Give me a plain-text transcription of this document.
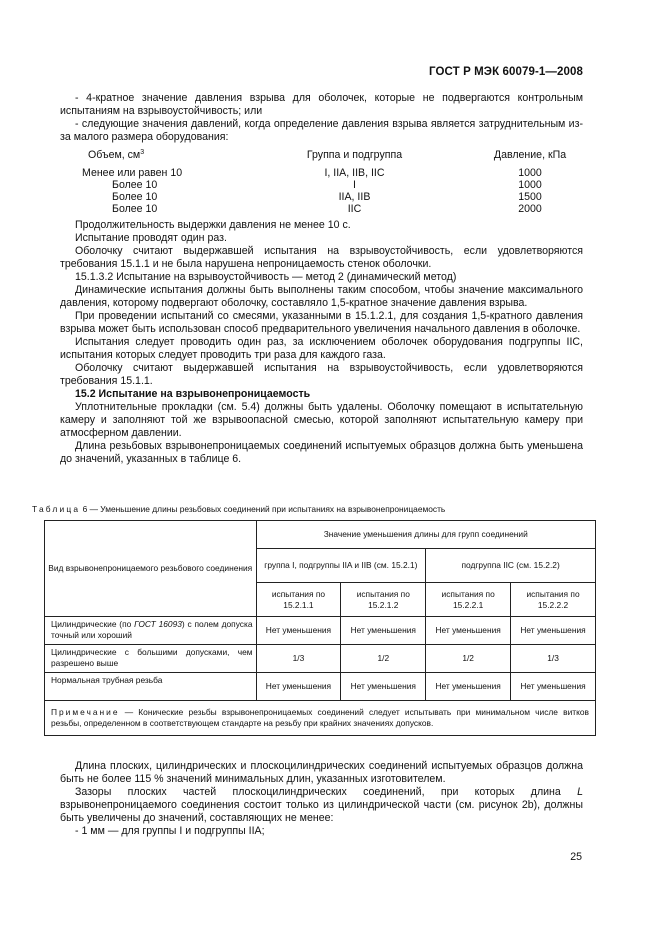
ГОСТ Р МЭК 60079-1—2008

- 4-кратное значение давления взрыва для оболочек, которые не подвергаются контрольным испытаниям на взрывоустойчивость; или

- следующие значения давлений, когда определение давления взрыва является затруднительным из-за малого размера оборудования:

Объем, $см^3$	Группа и подгруппа	Давление, кПа
Менее или равен 10	I, IIA, IIB, IIC	1000
Более 10	I	1000
Более 10	IIA, IIB	1500
Более 10	IIC	2000

Продолжительность выдержки давления не менее 10 с.

Испытание проводят один раз.

Оболочку считают выдержавшей испытания на взрывоустойчивость, если удовлетворяются требования 15.1.1 и не была нарушена непроницаемость стенок оболочки.

15.1.3.2 Испытание на взрывоустойчивость — метод 2 (динамический метод)

Динамические испытания должны быть выполнены таким способом, чтобы значение максимального давления, которому подвергают оболочку, составляло 1,5-кратное значение давления взрыва.

При проведении испытаний со смесями, указанными в 15.1.2.1, для создания 1,5-кратного давления взрыва может быть использован способ предварительного увеличения начального давления в оболочке.

Испытания следует проводить один раз, за исключением оболочек оборудования подгруппы IIC, испытания которых следует проводить три раза для каждого газа.

Оболочку считают выдержавшей испытания на взрывоустойчивость, если удовлетворяются требования 15.1.1.

15.2 Испытание на взрывонепроницаемость

Уплотнительные прокладки (см. 5.4) должны быть удалены. Оболочку помещают в испытательную камеру и заполняют той же взрывоопасной смесью, которой заполняют испытательную камеру при атмосферном давлении.

Длина резьбовых взрывонепроницаемых соединений испытуемых образцов должна быть уменьшена до значений, указанных в таблице 6.

Таблица 6 — Уменьшение длины резьбовых соединений при испытаниях на взрывонепроницаемость
Вид взрывонепроницаемого резьбового соединения	Значение уменьшения длины для групп соединений			
	группа I, подгруппы IIA и IIB (см. 15.2.1)		подгруппа IIC (см. 15.2.2)	
	испытания по 15.2.1.1	испытания по 15.2.1.2	испытания по 15.2.2.1	испытания по 15.2.2.2
Цилиндрические (по ГОСТ 16093) с полем допуска точный или хороший	Нет уменьшения	Нет уменьшения	Нет уменьшения	Нет уменьшения
Цилиндрические с большими допусками, чем разрешено выше	1/3	1/2	1/2	1/3
Нормальная трубная резьба	Нет уменьшения	Нет уменьшения	Нет уменьшения	Нет уменьшения
Примечание — Конические резьбы взрывонепроницаемых соединений следует испытывать при минимальном числе витков резьбы, определенном в соответствующем стандарте на резьбу при крайних значениях допусков.				

Длина плоских, цилиндрических и плоскоцилиндрических соединений испытуемых образцов должна быть не более 115 % значений минимальных длин, указанных изготовителем.

Зазоры плоских частей плоскоцилиндрических соединений, при которых длина L взрывонепроницаемого соединения состоит только из цилиндрической части (см. рисунок 2b), должны быть увеличены до значений, составляющих не менее:

- 1 мм — для группы I и подгруппы IIA;

25
